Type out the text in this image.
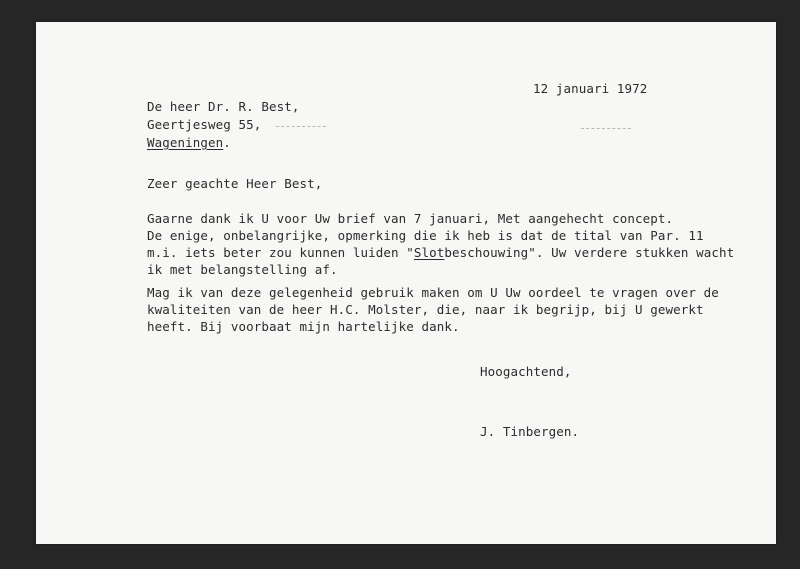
12 januari 1972
De heer Dr. R. Best,
Geertjesweg 55,
Wageningen.
Zeer geachte Heer Best,
Gaarne dank ik U voor Uw brief van 7 januari, Met aangehecht concept.
De enige, onbelangrijke, opmerking die ik heb is dat de tital van Par. 11
m.i. iets beter zou kunnen luiden "Slotbeschouwing". Uw verdere stukken wacht
ik met belangstelling af.
Mag ik van deze gelegenheid gebruik maken om U Uw oordeel te vragen over de
kwaliteiten van de heer H.C. Molster, die, naar ik begrijp, bij U gewerkt
heeft. Bij voorbaat mijn hartelijke dank.
Hoogachtend,
J. Tinbergen.
